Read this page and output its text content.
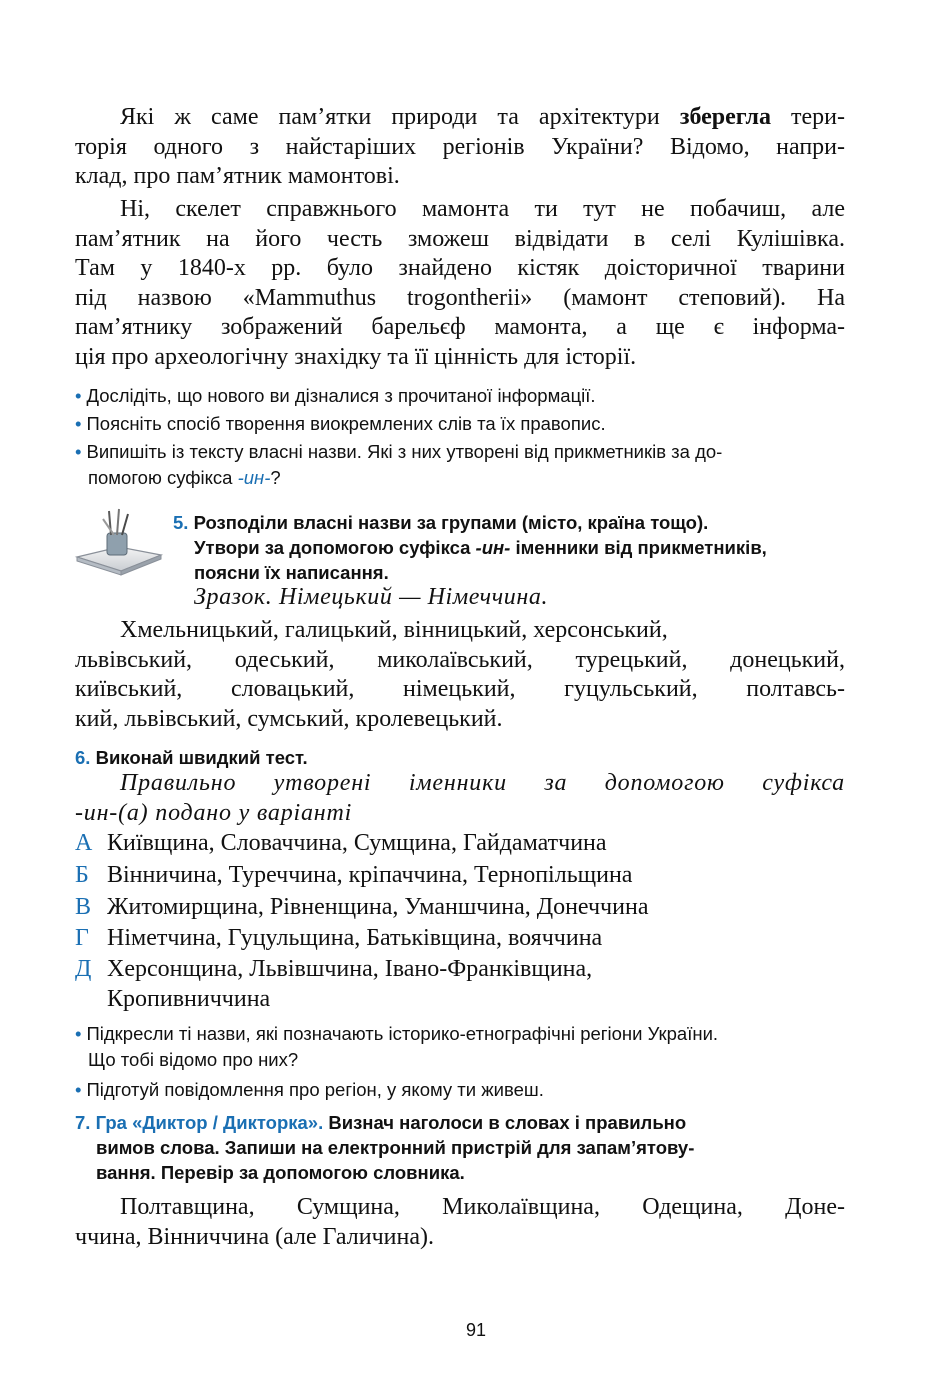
Які ж саме пам’ятки природи та архітектури зберегла тери-
торія одного з найстаріших регіонів України? Відомо, напри-
клад, про пам’ятник мамонтові.
Ні, скелет справжнього мамонта ти тут не побачиш, але
пам’ятник на його честь зможеш відвідати в селі Кулішівка.
Там у 1840-х рр. було знайдено кістяк доісторичної тварини
під назвою «Mammuthus trogontherii» (мамонт степовий). На
пам’ятнику зображений барельєф мамонта, а ще є інформа-
ція про археологічну знахідку та її цінність для історії.
• Дослідіть, що нового ви дізналися з прочитаної інформації.
• Поясніть спосіб творення виокремлених слів та їх правопис.
• Випишіть із тексту власні назви. Які з них утворені від прикметників за до-
помогою суфікса -ин-?
5. Розподіли власні назви за групами (місто, країна тощо).
Утвори за допомогою суфікса -ин- іменники від прикметників,
поясни їх написання.
Зразок. Німецький — Німеччина.
Хмельницький, галицький, вінницький, херсонський,
львівський, одеський, миколаївський, турецький, донецький,
київський, словацький, німецький, гуцульський, полтавсь-
кий, львівський, сумський, кролевецький.
6. Виконай швидкий тест.
Правильно утворені іменники за допомогою суфікса
-ин-(а) подано у варіанті
А Київщина, Словаччина, Сумщина, Гайдаматчина
Б Вінничина, Туреччина, кріпаччина, Тернопільщина
В Житомирщина, Рівненщина, Уманшчина, Донеччина
Г Німетчина, Гуцульщина, Батьківщина, вояччина
Д Херсонщина, Львівшчина, Івано-Франківщина,
Кропивниччина
• Підкресли ті назви, які позначають історико-етнографічні регіони України.
Що тобі відомо про них?
• Підготуй повідомлення про регіон, у якому ти живеш.
7. Гра «Диктор / Дикторка». Визнач наголоси в словах і правильно
вимов слова. Запиши на електронний пристрій для запам’ятову-
вання. Перевір за допомогою словника.
Полтавщина, Сумщина, Миколаївщина, Одещина, Доне-
ччина, Вінниччина (але Галичина).
91
